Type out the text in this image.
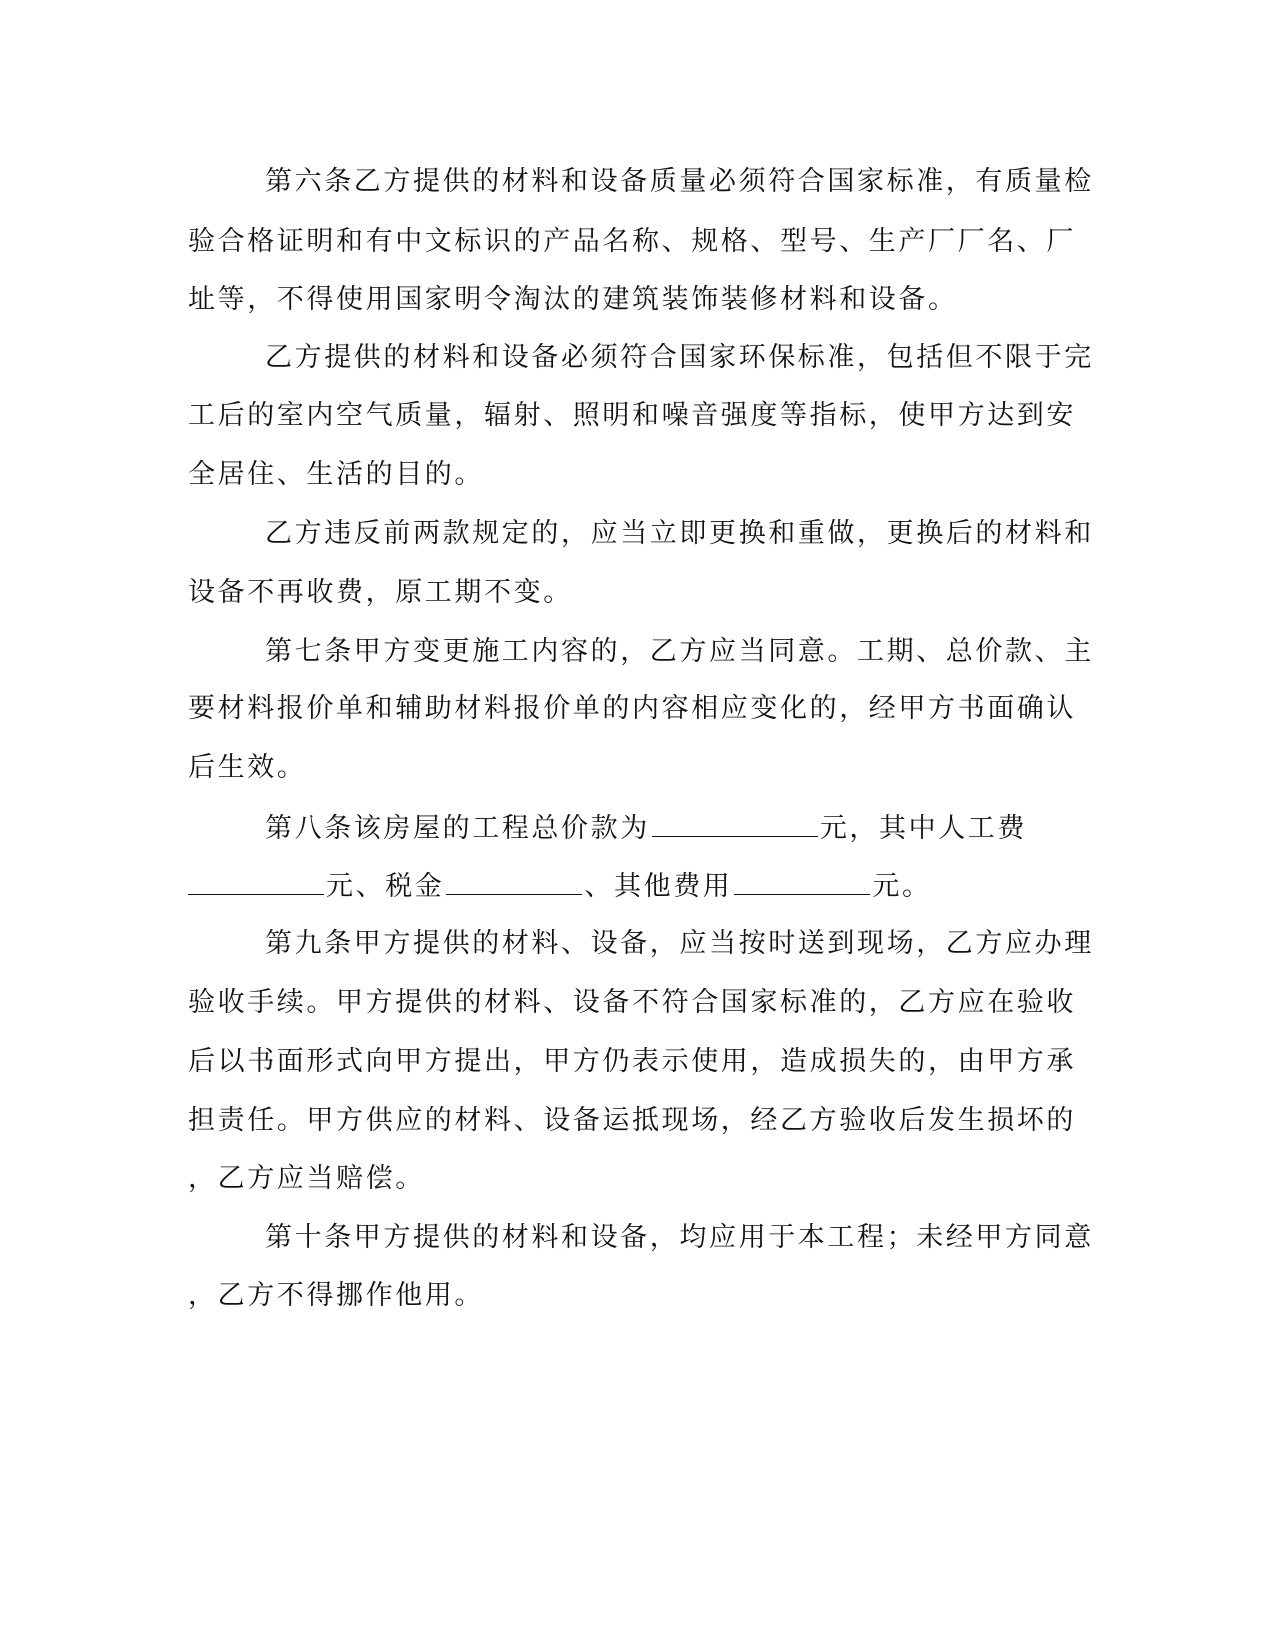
第六条乙方提供的材料和设备质量必须符合国家标准，有质量检
验合格证明和有中文标识的产品名称、规格、型号、生产厂厂名、厂
址等，不得使用国家明令淘汰的建筑装饰装修材料和设备。
乙方提供的材料和设备必须符合国家环保标准，包括但不限于完
工后的室内空气质量，辐射、照明和噪音强度等指标，使甲方达到安
全居住、生活的目的。
乙方违反前两款规定的，应当立即更换和重做，更换后的材料和
设备不再收费，原工期不变。
第七条甲方变更施工内容的，乙方应当同意。工期、总价款、主
要材料报价单和辅助材料报价单的内容相应变化的，经甲方书面确认
后生效。
第八条该房屋的工程总价款为	元，其中人工费
元、税金	、其他费用	元。
第九条甲方提供的材料、设备，应当按时送到现场，乙方应办理
验收手续。甲方提供的材料、设备不符合国家标准的，乙方应在验收
后以书面形式向甲方提出，甲方仍表示使用，造成损失的，由甲方承
担责任。甲方供应的材料、设备运抵现场，经乙方验收后发生损坏的
，乙方应当赔偿。
第十条甲方提供的材料和设备，均应用于本工程；未经甲方同意
，乙方不得挪作他用。
